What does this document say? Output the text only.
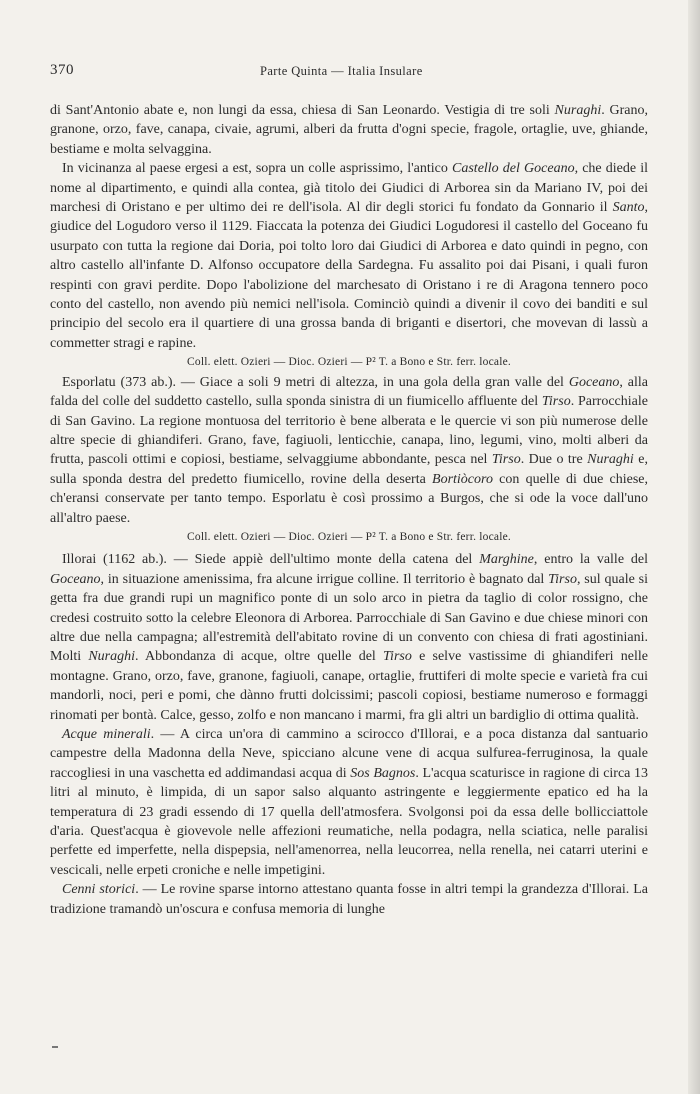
370	Parte Quinta — Italia Insulare

di Sant'Antonio abate e, non lungi da essa, chiesa di San Leonardo. Vestigia di tre soli Nuraghi. Grano, granone, orzo, fave, canapa, civaie, agrumi, alberi da frutta d'ogni specie, fragole, ortaglie, uve, ghiande, bestiame e molta selvaggina.

In vicinanza al paese ergesi a est, sopra un colle asprissimo, l'antico Castello del Goceano, che diede il nome al dipartimento, e quindi alla contea, già titolo dei Giudici di Arborea sin da Mariano IV, poi dei marchesi di Oristano e per ultimo dei re dell'isola. Al dir degli storici fu fondato da Gonnario il Santo, giudice del Logudoro verso il 1129. Fiaccata la potenza dei Giudici Logudoresi il castello del Goceano fu usurpato con tutta la regione dai Doria, poi tolto loro dai Giudici di Arborea e dato quindi in pegno, con altro castello all'infante D. Alfonso occupatore della Sardegna. Fu assalito poi dai Pisani, i quali furon respinti con gravi perdite. Dopo l'abolizione del marchesato di Oristano i re di Aragona tennero poco conto del castello, non avendo più nemici nell'isola. Cominciò quindi a divenir il covo dei banditi e sul principio del secolo era il quartiere di una grossa banda di briganti e disertori, che movevan di lassù a commetter stragi e rapine.

Coll. elett. Ozieri — Dioc. Ozieri — P² T. a Bono e Str. ferr. locale.

Esporlatu (373 ab.). — Giace a soli 9 metri di altezza, in una gola della gran valle del Goceano, alla falda del colle del suddetto castello, sulla sponda sinistra di un fiumicello affluente del Tirso. Parrocchiale di San Gavino. La regione montuosa del territorio è bene alberata e le quercie vi son più numerose delle altre specie di ghiandiferi. Grano, fave, fagiuoli, lenticchie, canapa, lino, legumi, vino, molti alberi da frutta, pascoli ottimi e copiosi, bestiame, selvaggiume abbondante, pesca nel Tirso. Due o tre Nuraghi e, sulla sponda destra del predetto fiumicello, rovine della deserta Bortiòcoro con quelle di due chiese, ch'eransi conservate per tanto tempo. Esporlatu è così prossimo a Burgos, che si ode la voce dall'uno all'altro paese.

Coll. elett. Ozieri — Dioc. Ozieri — P² T. a Bono e Str. ferr. locale.

Illorai (1162 ab.). — Siede appiè dell'ultimo monte della catena del Marghine, entro la valle del Goceano, in situazione amenissima, fra alcune irrigue colline. Il territorio è bagnato dal Tirso, sul quale si getta fra due grandi rupi un magnifico ponte di un solo arco in pietra da taglio di color rossigno, che credesi costruito sotto la celebre Eleonora di Arborea. Parrocchiale di San Gavino e due chiese minori con altre due nella campagna; all'estremità dell'abitato rovine di un convento con chiesa di frati agostiniani. Molti Nuraghi. Abbondanza di acque, oltre quelle del Tirso e selve vastissime di ghiandiferi nelle montagne. Grano, orzo, fave, granone, fagiuoli, canape, ortaglie, fruttiferi di molte specie e varietà fra cui mandorli, noci, peri e pomi, che dànno frutti dolcissimi; pascoli copiosi, bestiame numeroso e formaggi rinomati per bontà. Calce, gesso, zolfo e non mancano i marmi, fra gli altri un bardiglio di ottima qualità.

Acque minerali. — A circa un'ora di cammino a scirocco d'Illorai, e a poca distanza dal santuario campestre della Madonna della Neve, spicciano alcune vene di acqua sulfurea-ferruginosa, la quale raccogliesi in una vaschetta ed addimandasi acqua di Sos Bagnos. L'acqua scaturisce in ragione di circa 13 litri al minuto, è limpida, di un sapor salso alquanto astringente e leggiermente epatico ed ha la temperatura di 23 gradi essendo di 17 quella dell'atmosfera. Svolgonsi poi da essa delle bollicciattole d'aria. Quest'acqua è giovevole nelle affezioni reumatiche, nella podagra, nella sciatica, nelle paralisi perfette ed imperfette, nella dispepsia, nell'amenorrea, nella leucorrea, nella renella, nei catarri uterini e vescicali, nelle erpeti croniche e nelle impetigini.

Cenni storici. — Le rovine sparse intorno attestano quanta fosse in altri tempi la grandezza d'Illorai. La tradizione tramandò un'oscura e confusa memoria di lunghe
